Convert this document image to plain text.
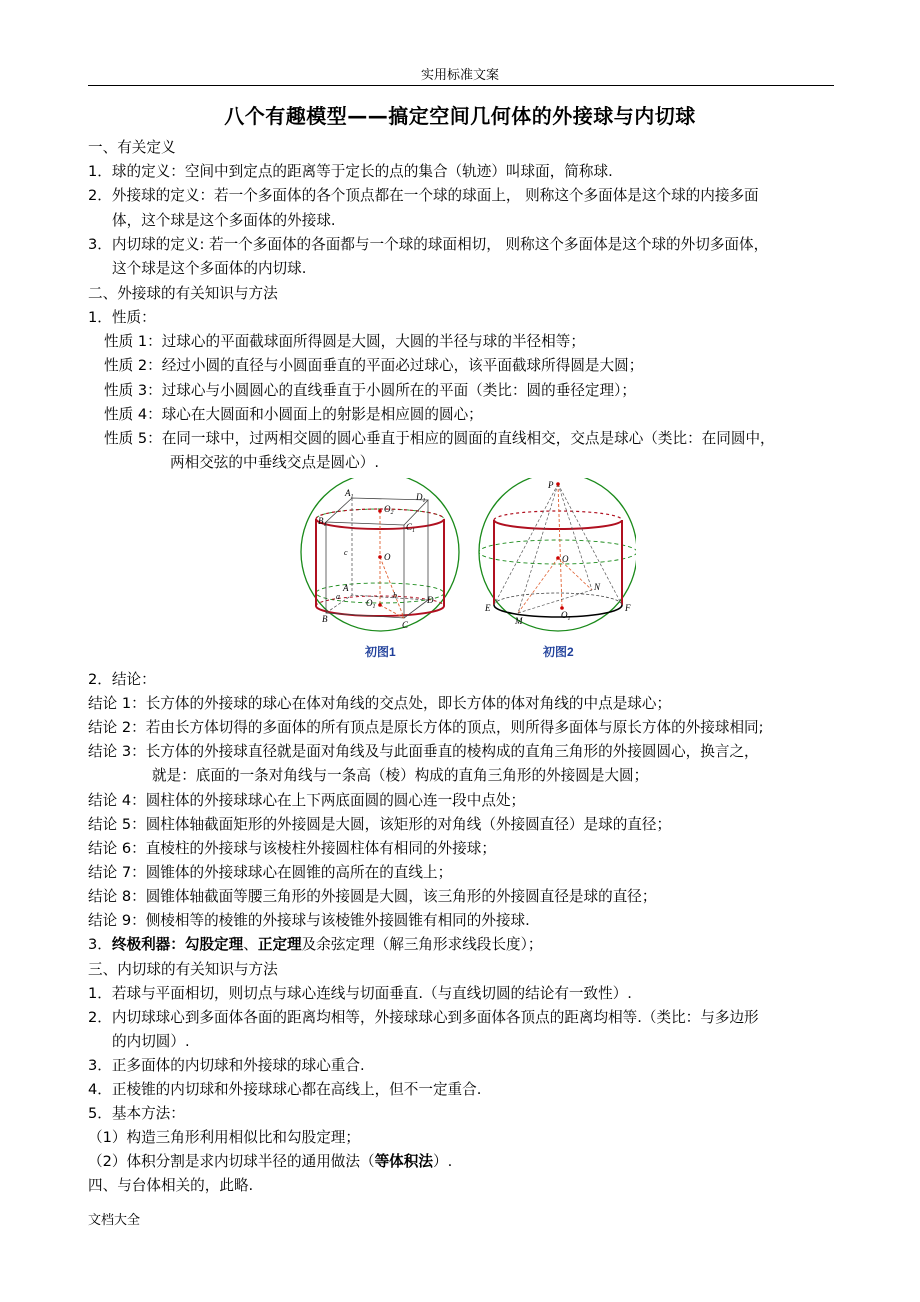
实用标准文案
八个有趣模型——搞定空间几何体的外接球与内切球
一、有关定义
1．球的定义：空间中到定点的距离等于定长的点的集合（轨迹）叫球面，简称球.
2．外接球的定义：若一个多面体的各个顶点都在一个球的球面上， 则称这个多面体是这个球的内接多面
体，这个球是这个多面体的外接球.
3．内切球的定义: 若一个多面体的各面都与一个球的球面相切， 则称这个多面体是这个球的外切多面体，
这个球是这个多面体的内切球.
二、外接球的有关知识与方法
1．性质：
性质 1：过球心的平面截球面所得圆是大圆，大圆的半径与球的半径相等；
性质 2：经过小圆的直径与小圆面垂直的平面必过球心，该平面截球所得圆是大圆；
性质 3：过球心与小圆圆心的直线垂直于小圆所在的平面（类比：圆的垂径定理）；
性质 4：球心在大圆面和小圆面上的射影是相应圆的圆心；
性质 5：在同一球中，过两相交圆的圆心垂直于相应的圆面的直线相交，交点是球心（类比：在同圆中，
两相交弦的中垂线交点是圆心）.
$A_1$	$D_1$
$B_1$	$C_1$
$O_2$
O
$O_1$
A
B
C
D
a	b
c
P
O
N
E	F
M
$O_1$
初图1	初图2
2．结论：
结论 1：长方体的外接球的球心在体对角线的交点处，即长方体的体对角线的中点是球心；
结论 2：若由长方体切得的多面体的所有顶点是原长方体的顶点，则所得多面体与原长方体的外接球相同;
结论 3：长方体的外接球直径就是面对角线及与此面垂直的棱构成的直角三角形的外接圆圆心，换言之，
就是：底面的一条对角线与一条高（棱）构成的直角三角形的外接圆是大圆；
结论 4：圆柱体的外接球球心在上下两底面圆的圆心连一段中点处；
结论 5：圆柱体轴截面矩形的外接圆是大圆，该矩形的对角线（外接圆直径）是球的直径；
结论 6：直棱柱的外接球与该棱柱外接圆柱体有相同的外接球；
结论 7：圆锥体的外接球球心在圆锥的高所在的直线上；
结论 8：圆锥体轴截面等腰三角形的外接圆是大圆，该三角形的外接圆直径是球的直径；
结论 9：侧棱相等的棱锥的外接球与该棱锥外接圆锥有相同的外接球.
3．终极利器：勾股定理、正定理及余弦定理（解三角形求线段长度）；
三、内切球的有关知识与方法
1．若球与平面相切，则切点与球心连线与切面垂直.（与直线切圆的结论有一致性）.
2．内切球球心到多面体各面的距离均相等，外接球球心到多面体各顶点的距离均相等.（类比：与多边形
的内切圆）.
3．正多面体的内切球和外接球的球心重合.
4．正棱锥的内切球和外接球球心都在高线上，但不一定重合.
5．基本方法：
（1）构造三角形利用相似比和勾股定理；
（2）体积分割是求内切球半径的通用做法（等体积法）.
四、与台体相关的，此略.
文档大全
